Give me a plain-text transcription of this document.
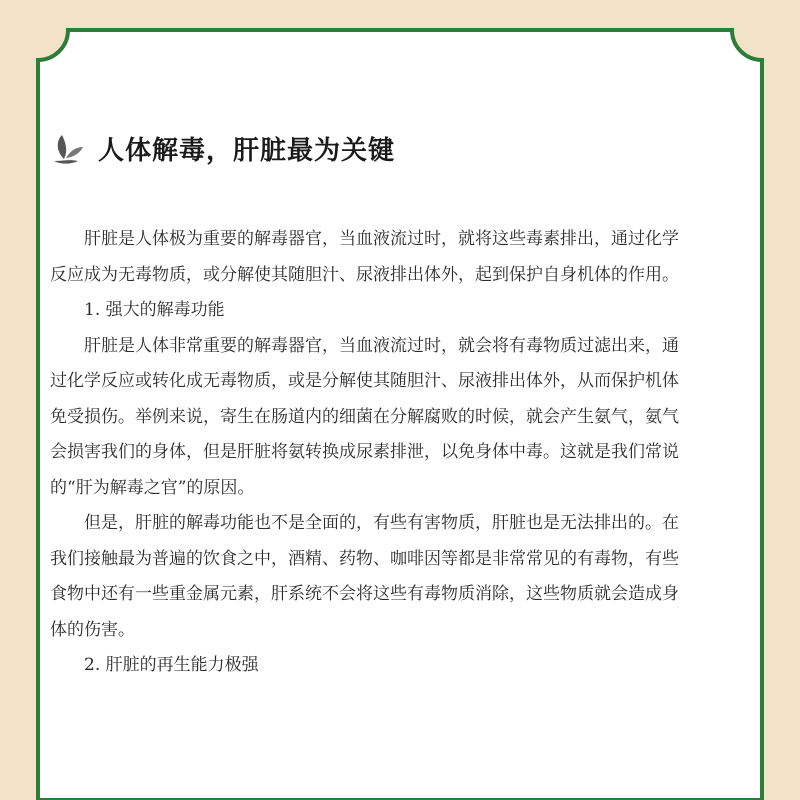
人体解毒，肝脏最为关键

肝脏是人体极为重要的解毒器官，当血液流过时，就将这些毒素排出，通过化学反应成为无毒物质，或分解使其随胆汁、尿液排出体外，起到保护自身机体的作用。

1. 强大的解毒功能

肝脏是人体非常重要的解毒器官，当血液流过时，就会将有毒物质过滤出来，通过化学反应或转化成无毒物质，或是分解使其随胆汁、尿液排出体外，从而保护机体免受损伤。举例来说，寄生在肠道内的细菌在分解腐败的时候，就会产生氨气，氨气会损害我们的身体，但是肝脏将氨转换成尿素排泄，以免身体中毒。这就是我们常说的“肝为解毒之官”的原因。

但是，肝脏的解毒功能也不是全面的，有些有害物质，肝脏也是无法排出的。在我们接触最为普遍的饮食之中，酒精、药物、咖啡因等都是非常常见的有毒物，有些食物中还有一些重金属元素，肝系统不会将这些有毒物质消除，这些物质就会造成身体的伤害。

2. 肝脏的再生能力极强
